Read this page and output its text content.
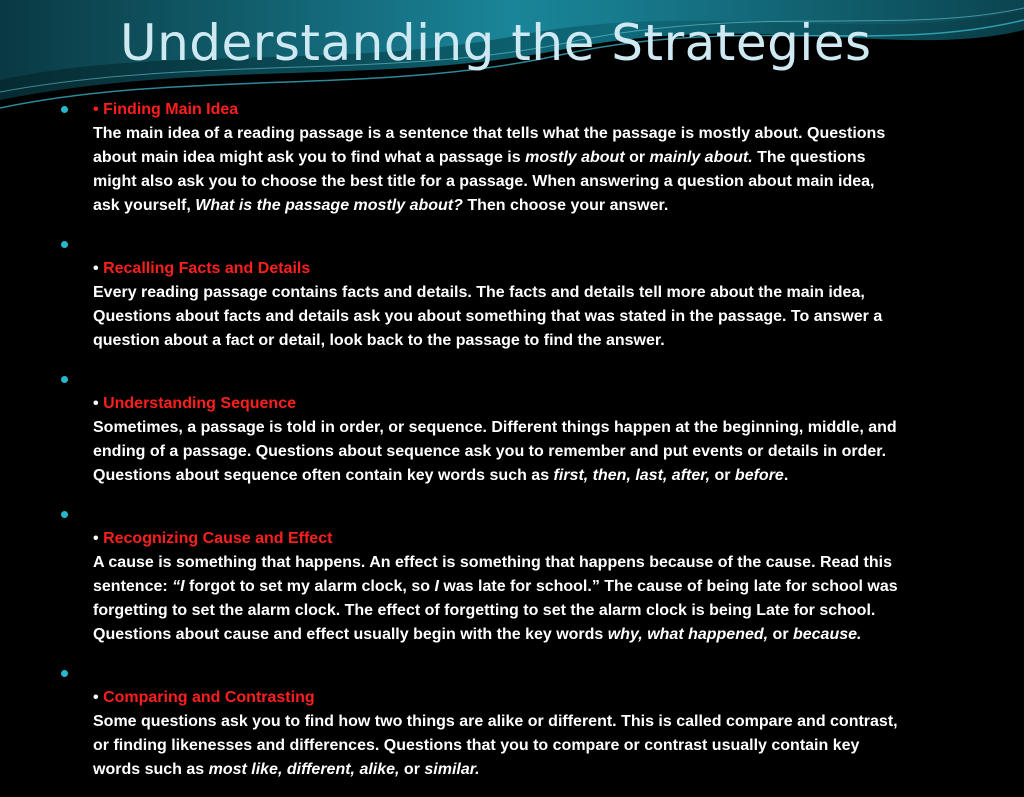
Understanding the Strategies
• Finding Main Idea
The main idea of a reading passage is a sentence that tells what the passage is mostly about. Questions
about main idea might ask you to find what a passage is mostly about or mainly about. The questions
might also ask you to choose the best title for a passage. When answering a question about main idea,
ask yourself, What is the passage mostly about? Then choose your answer.
• Recalling Facts and Details
Every reading passage contains facts and details. The facts and details tell more about the main idea,
Questions about facts and details ask you about something that was stated in the passage. To answer a
question about a fact or detail, look back to the passage to find the answer.
• Understanding Sequence
Sometimes, a passage is told in order, or sequence. Different things happen at the beginning, middle, and
ending of a passage. Questions about sequence ask you to remember and put events or details in order.
Questions about sequence often contain key words such as first, then, last, after, or before.
• Recognizing Cause and Effect
A cause is something that happens. An effect is something that happens because of the cause. Read this
sentence: “I forgot to set my alarm clock, so I was late for school.” The cause of being late for school was
forgetting to set the alarm clock. The effect of forgetting to set the alarm clock is being Late for school.
Questions about cause and effect usually begin with the key words why, what happened, or because.
• Comparing and Contrasting
Some questions ask you to find how two things are alike or different. This is called compare and contrast,
or finding likenesses and differences. Questions that you to compare or contrast usually contain key
words such as most like, different, alike, or similar.
